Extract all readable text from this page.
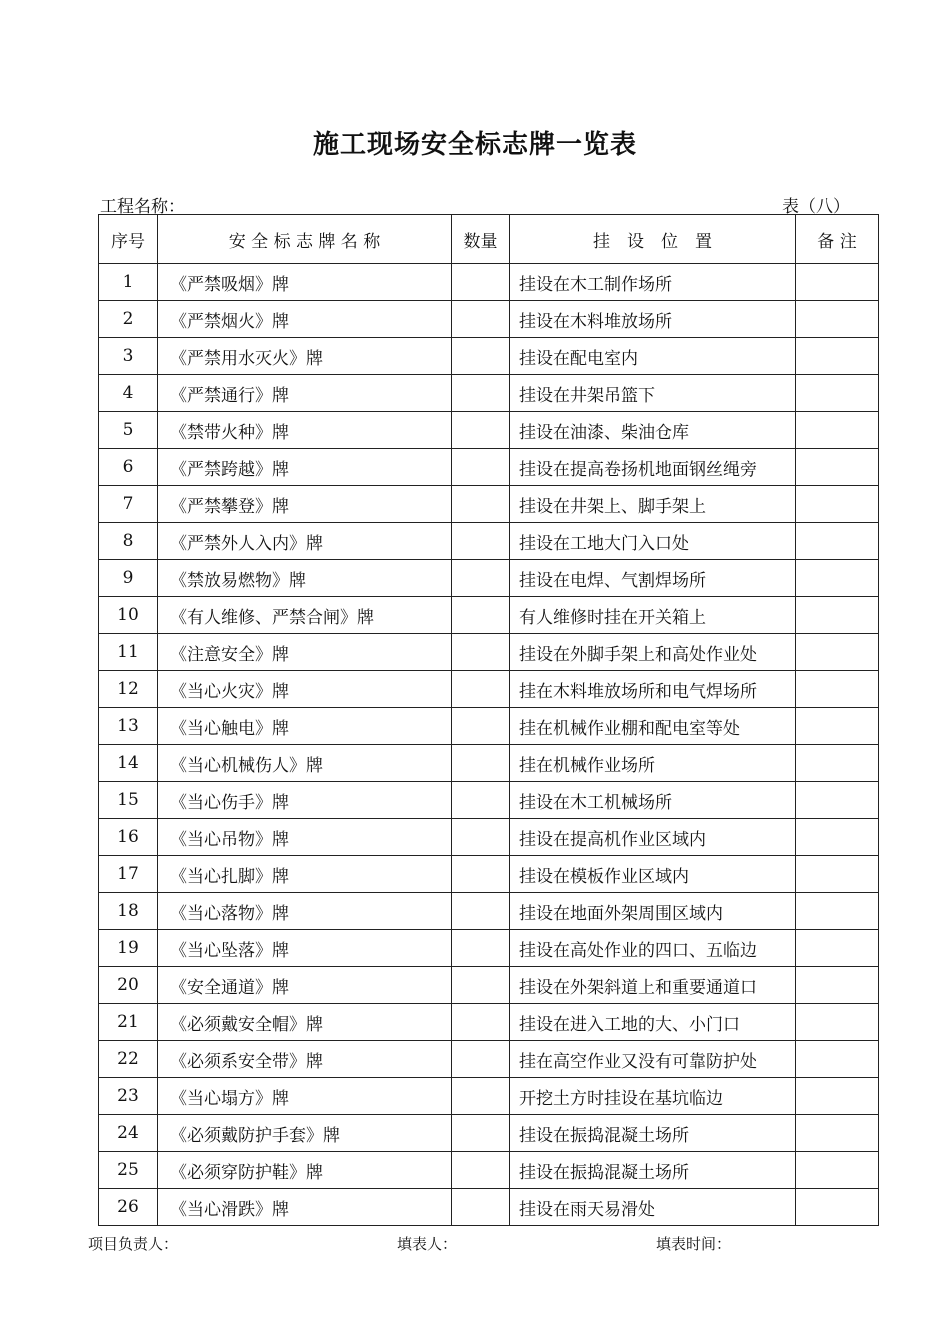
施工现场安全标志牌一览表
工程名称：	表（八）
序号	安 全 标 志 牌 名 称	数量	挂　设　位　置	备 注
1	《严禁吸烟》牌		挂设在木工制作场所	
2	《严禁烟火》牌		挂设在木料堆放场所	
3	《严禁用水灭火》牌		挂设在配电室内	
4	《严禁通行》牌		挂设在井架吊篮下	
5	《禁带火种》牌		挂设在油漆、柴油仓库	
6	《严禁跨越》牌		挂设在提高卷扬机地面钢丝绳旁	
7	《严禁攀登》牌		挂设在井架上、脚手架上	
8	《严禁外人入内》牌		挂设在工地大门入口处	
9	《禁放易燃物》牌		挂设在电焊、气割焊场所	
10	《有人维修、严禁合闸》牌		有人维修时挂在开关箱上	
11	《注意安全》牌		挂设在外脚手架上和高处作业处	
12	《当心火灾》牌		挂在木料堆放场所和电气焊场所	
13	《当心触电》牌		挂在机械作业棚和配电室等处	
14	《当心机械伤人》牌		挂在机械作业场所	
15	《当心伤手》牌		挂设在木工机械场所	
16	《当心吊物》牌		挂设在提高机作业区域内	
17	《当心扎脚》牌		挂设在模板作业区域内	
18	《当心落物》牌		挂设在地面外架周围区域内	
19	《当心坠落》牌		挂设在高处作业的四口、五临边	
20	《安全通道》牌		挂设在外架斜道上和重要通道口	
21	《必须戴安全帽》牌		挂设在进入工地的大、小门口	
22	《必须系安全带》牌		挂在高空作业又没有可靠防护处	
23	《当心塌方》牌		开挖土方时挂设在基坑临边	
24	《必须戴防护手套》牌		挂设在振捣混凝土场所	
25	《必须穿防护鞋》牌		挂设在振捣混凝土场所	
26	《当心滑跌》牌		挂设在雨天易滑处	
项目负责人：	填表人：	填表时间：
